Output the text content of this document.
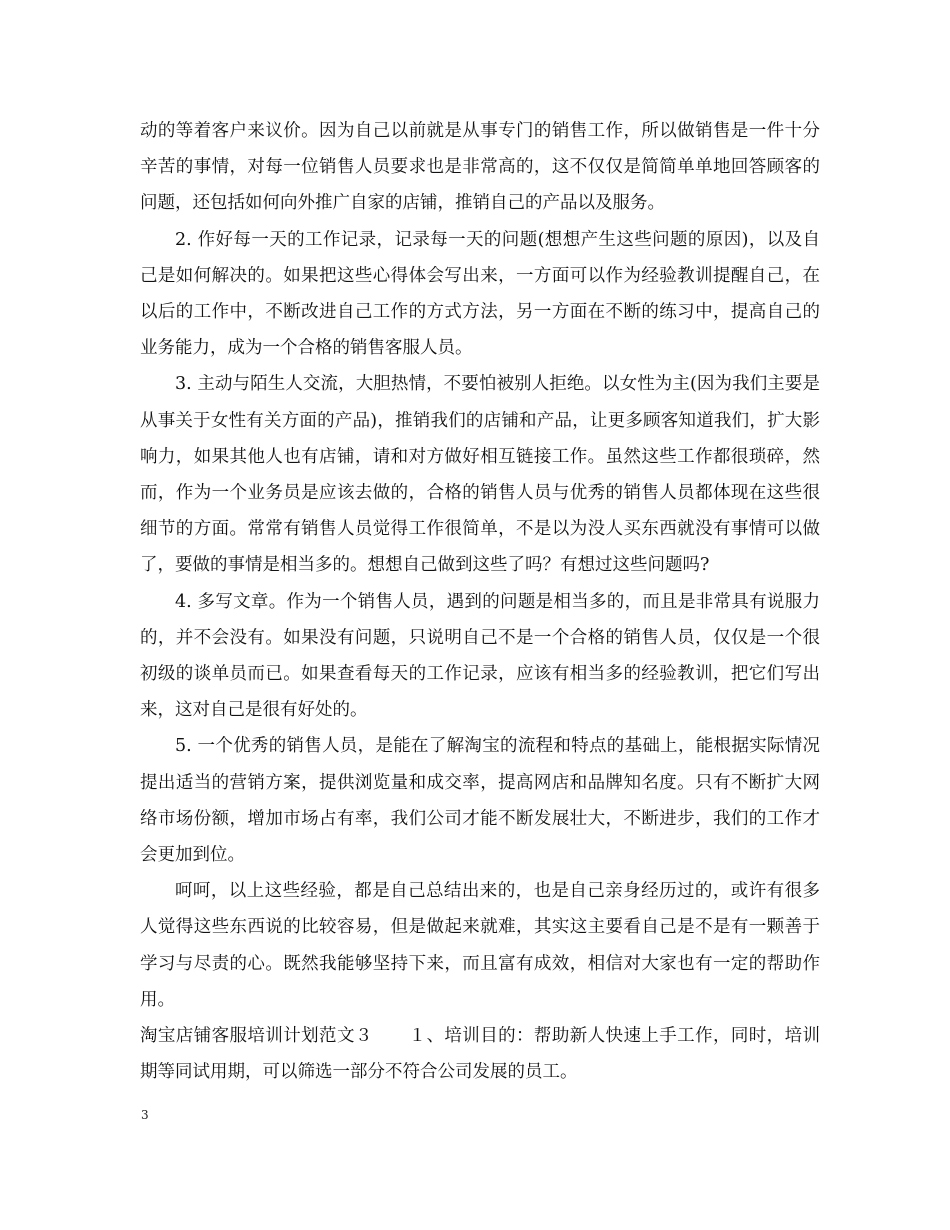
动的等着客户来议价。因为自己以前就是从事专门的销售工作，所以做销售是一件十分辛苦的事情，对每一位销售人员要求也是非常高的，这不仅仅是简简单单地回答顾客的问题，还包括如何向外推广自家的店铺，推销自己的产品以及服务。

2. 作好每一天的工作记录，记录每一天的问题(想想产生这些问题的原因)，以及自己是如何解决的。如果把这些心得体会写出来，一方面可以作为经验教训提醒自己，在以后的工作中，不断改进自己工作的方式方法，另一方面在不断的练习中，提高自己的业务能力，成为一个合格的销售客服人员。

3. 主动与陌生人交流，大胆热情，不要怕被别人拒绝。以女性为主(因为我们主要是从事关于女性有关方面的产品)，推销我们的店铺和产品，让更多顾客知道我们，扩大影响力，如果其他人也有店铺，请和对方做好相互链接工作。虽然这些工作都很琐碎，然而，作为一个业务员是应该去做的，合格的销售人员与优秀的销售人员都体现在这些很细节的方面。常常有销售人员觉得工作很简单，不是以为没人买东西就没有事情可以做了，要做的事情是相当多的。想想自己做到这些了吗？有想过这些问题吗?

4. 多写文章。作为一个销售人员，遇到的问题是相当多的，而且是非常具有说服力的，并不会没有。如果没有问题，只说明自己不是一个合格的销售人员，仅仅是一个很初级的谈单员而已。如果查看每天的工作记录，应该有相当多的经验教训，把它们写出来，这对自己是很有好处的。

5. 一个优秀的销售人员，是能在了解淘宝的流程和特点的基础上，能根据实际情况提出适当的营销方案，提供浏览量和成交率，提高网店和品牌知名度。只有不断扩大网络市场份额，增加市场占有率，我们公司才能不断发展壮大，不断进步，我们的工作才会更加到位。

呵呵，以上这些经验，都是自己总结出来的，也是自己亲身经历过的，或许有很多人觉得这些东西说的比较容易，但是做起来就难，其实这主要看自己是不是有一颗善于学习与尽责的心。既然我能够坚持下来，而且富有成效，相信对大家也有一定的帮助作用。

淘宝店铺客服培训计划范文３　　１、培训目的：帮助新人快速上手工作，同时，培训期等同试用期，可以筛选一部分不符合公司发展的员工。

3
